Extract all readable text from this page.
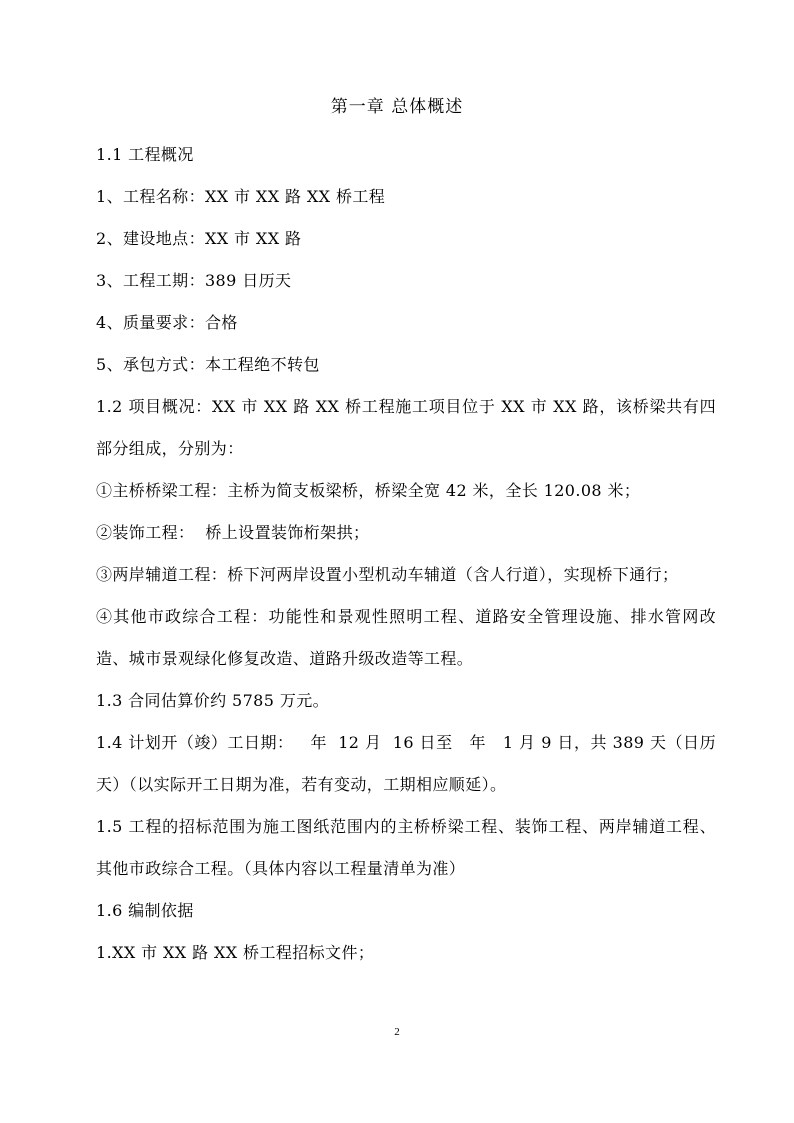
第一章 总体概述

1.1 工程概况

1、工程名称：XX 市 XX 路 XX 桥工程

2、建设地点：XX 市 XX 路

3、工程工期：389 日历天

4、质量要求：合格

5、承包方式：本工程绝不转包

1.2 项目概况：XX 市 XX 路 XX 桥工程施工项目位于 XX 市 XX 路，该桥梁共有四部分组成，分别为：

①主桥桥梁工程：主桥为简支板梁桥，桥梁全宽 42 米，全长 120.08 米；

②装饰工程：  桥上设置装饰桁架拱；

③两岸辅道工程：桥下河两岸设置小型机动车辅道（含人行道），实现桥下通行；

④其他市政综合工程：功能性和景观性照明工程、道路安全管理设施、排水管网改造、城市景观绿化修复改造、道路升级改造等工程。

1.3 合同估算价约 5785 万元。

1.4 计划开（竣）工日期：   年  12 月  16 日至   年   1 月 9 日，共 389 天（日历天）（以实际开工日期为准，若有变动，工期相应顺延）。

1.5 工程的招标范围为施工图纸范围内的主桥桥梁工程、装饰工程、两岸辅道工程、其他市政综合工程。（具体内容以工程量清单为准）

1.6 编制依据

1.XX 市 XX 路 XX 桥工程招标文件；

2
